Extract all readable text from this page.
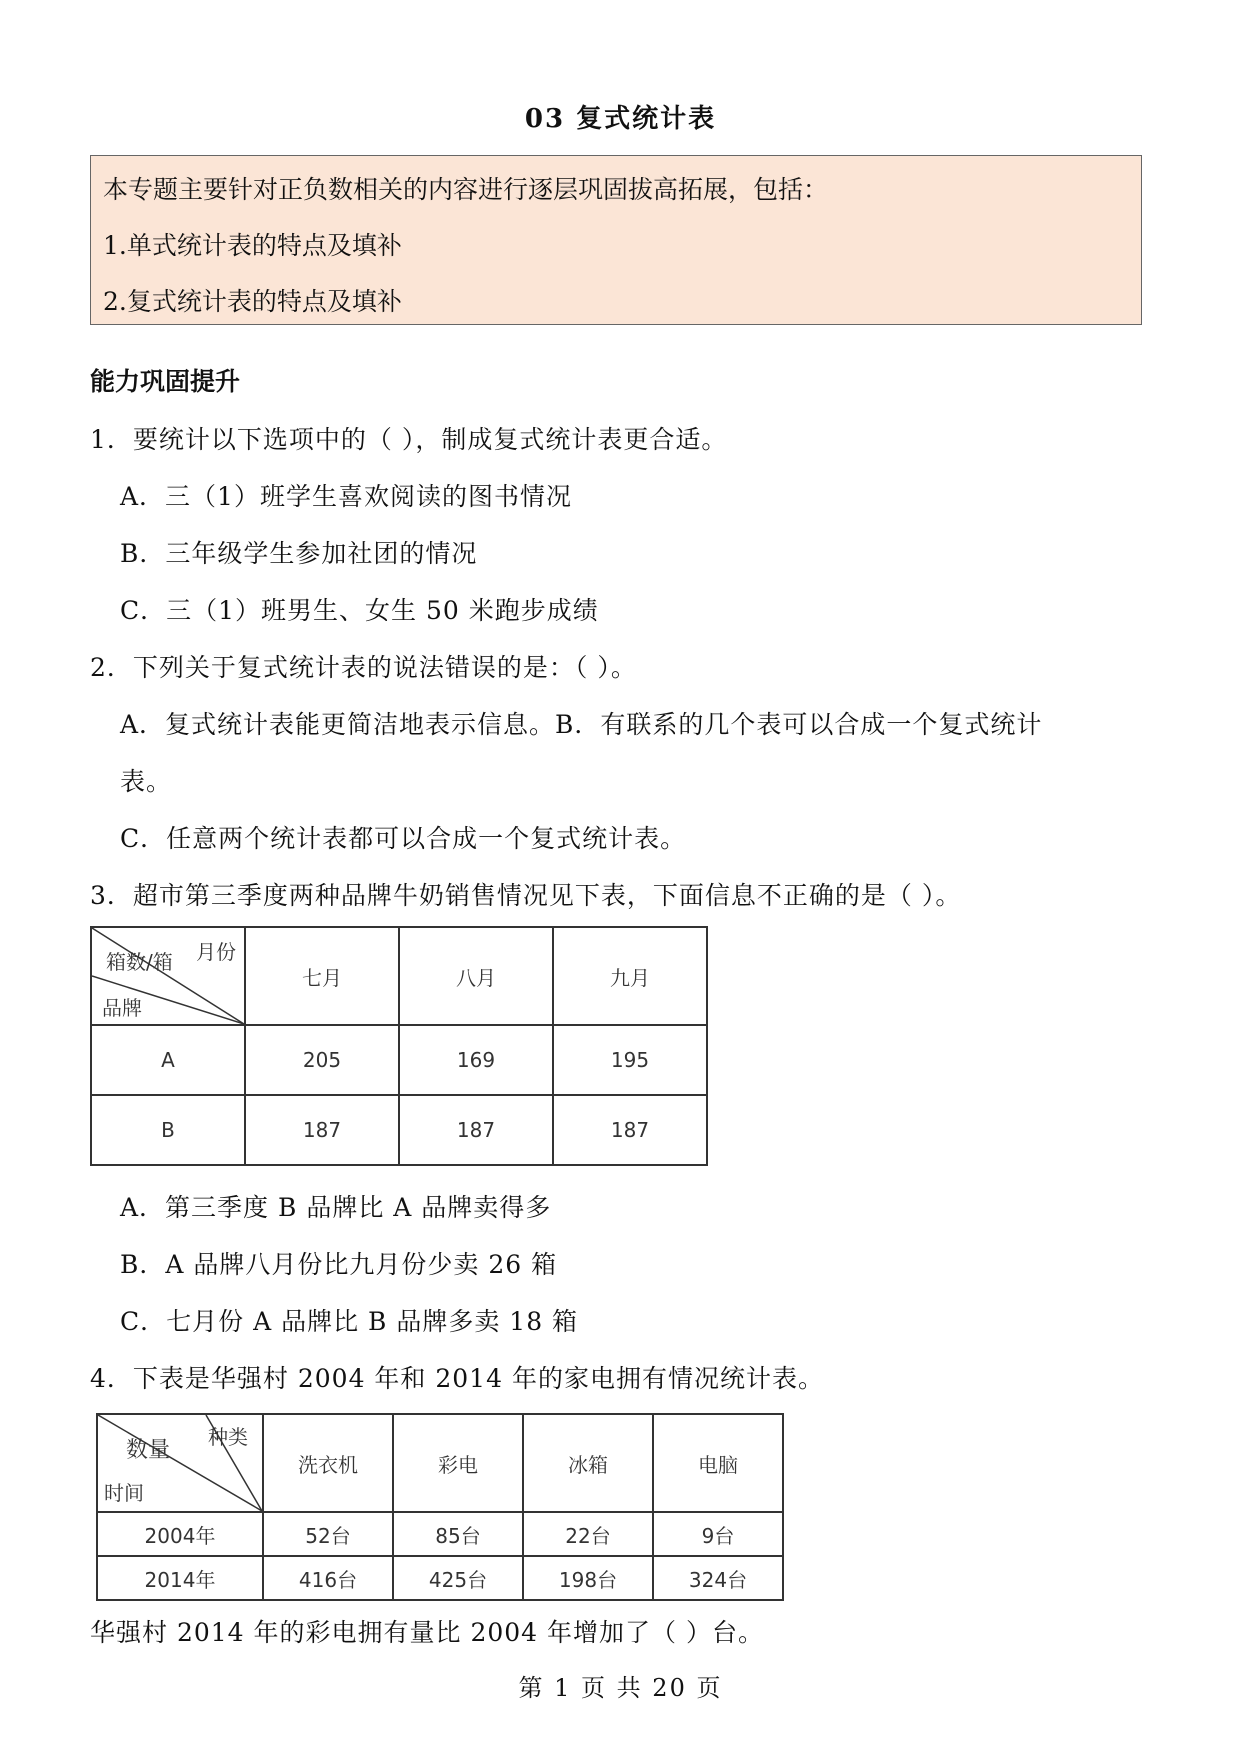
03 复式统计表
本专题主要针对正负数相关的内容进行逐层巩固拔高拓展，包括：
1.单式统计表的特点及填补
2.复式统计表的特点及填补
能力巩固提升
1．要统计以下选项中的（ ），制成复式统计表更合适。
A．三（1）班学生喜欢阅读的图书情况
B．三年级学生参加社团的情况
C．三（1）班男生、女生 50 米跑步成绩
2．下列关于复式统计表的说法错误的是：（ ）。
A．复式统计表能更简洁地表示信息。B．有联系的几个表可以合成一个复式统计
表。
C．任意两个统计表都可以合成一个复式统计表。
3．超市第三季度两种品牌牛奶销售情况见下表，下面信息不正确的是（ ）。
月份
箱数/箱
品牌	七月	八月	九月
A	205	169	195
B	187	187	187
A．第三季度 B 品牌比 A 品牌卖得多
B．A 品牌八月份比九月份少卖 26 箱
C．七月份 A 品牌比 B 品牌多卖 18 箱
4．下表是华强村 2004 年和 2014 年的家电拥有情况统计表。
种类
数量
时间	洗衣机	彩电	冰箱	电脑
2004年	52台	85台	22台	9台
2014年	416台	425台	198台	324台
华强村 2014 年的彩电拥有量比 2004 年增加了（ ）台。
第 1 页 共 20 页
